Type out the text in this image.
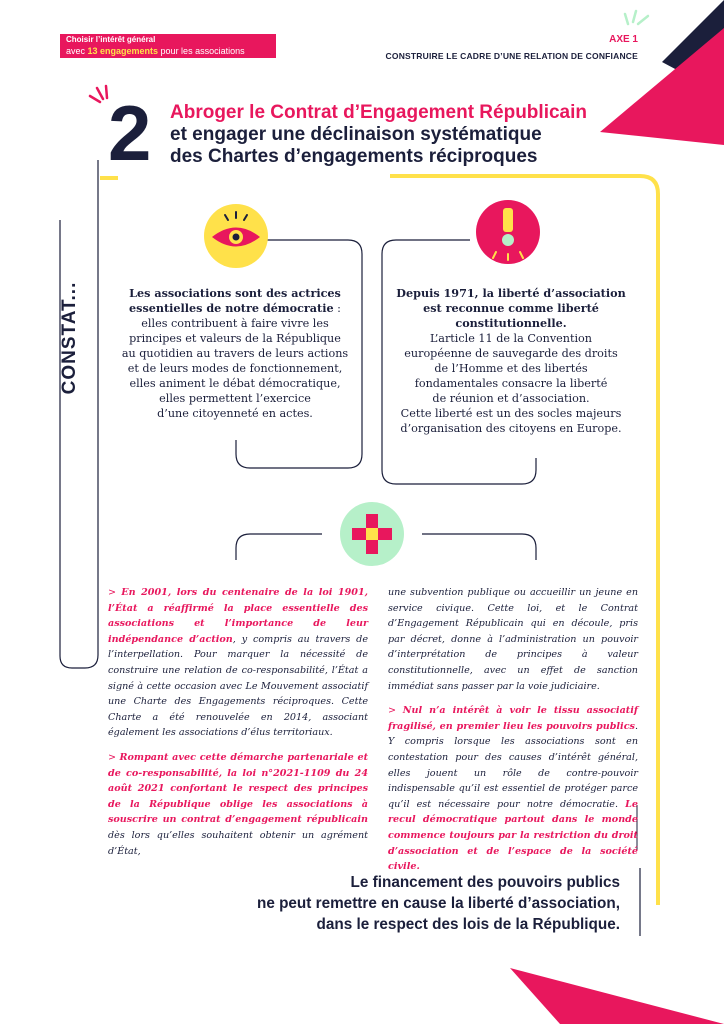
Choisir l’intérêt général
avec 13 engagements pour les associations
AXE 1
CONSTRUIRE LE CADRE D’UNE RELATION DE CONFIANCE
2 Abroger le Contrat d’Engagement Républicain
et engager une déclinaison systématique
des Chartes d’engagements réciproques
CONSTAT...	Les associations sont des actrices
essentielles de notre démocratie :
elles contribuent à faire vivre les
principes et valeurs de la République
au quotidien au travers de leurs actions
et de leurs modes de fonctionnement,
elles animent le débat démocratique,
elles permettent l’exercice
d’une citoyenneté en actes.
Depuis 1971, la liberté d’association
est reconnue comme liberté
constitutionnelle.
L’article 11 de la Convention
européenne de sauvegarde des droits
de l’Homme et des libertés
fondamentales consacre la liberté
de réunion et d’association.
Cette liberté est un des socles majeurs
d’organisation des citoyens en Europe.

> En 2001, lors du centenaire de la loi 1901, l’État a réaffirmé la place essentielle des associations et l’importance de leur indépendance d’action, y compris au travers de l’interpellation. Pour marquer la nécessité de construire une relation de co-responsabilité, l’État a signé à cette occasion avec Le Mouvement associatif une Charte des Engagements réciproques. Cette Charte a été renouvelée en 2014, associant également les associations d’élus territoriaux.

> Rompant avec cette démarche partenariale et de co-responsabilité, la loi n°2021-1109 du 24 août 2021 confortant le respect des principes de la République oblige les associations à souscrire un contrat d’engagement républicain dès lors qu’elles souhaitent obtenir un agrément d’État,

une subvention publique ou accueillir un jeune en service civique. Cette loi, et le Contrat d’Engagement Républicain qui en découle, pris par décret, donne à l’administration un pouvoir d’interprétation de principes à valeur constitutionnelle, avec un effet de sanction immédiat sans passer par la voie judiciaire.

> Nul n’a intérêt à voir le tissu associatif fragilisé, en premier lieu les pouvoirs publics. Y compris lorsque les associations sont en contestation pour des causes d’intérêt général, elles jouent un rôle de contre-pouvoir indispensable qu’il est essentiel de protéger parce qu’il est nécessaire pour notre démocratie. Le recul démocratique partout dans le monde commence toujours par la restriction du droit d’association et de l’espace de la société civile.

Le financement des pouvoirs publics
ne peut remettre en cause la liberté d’association,
dans le respect des lois de la République.
